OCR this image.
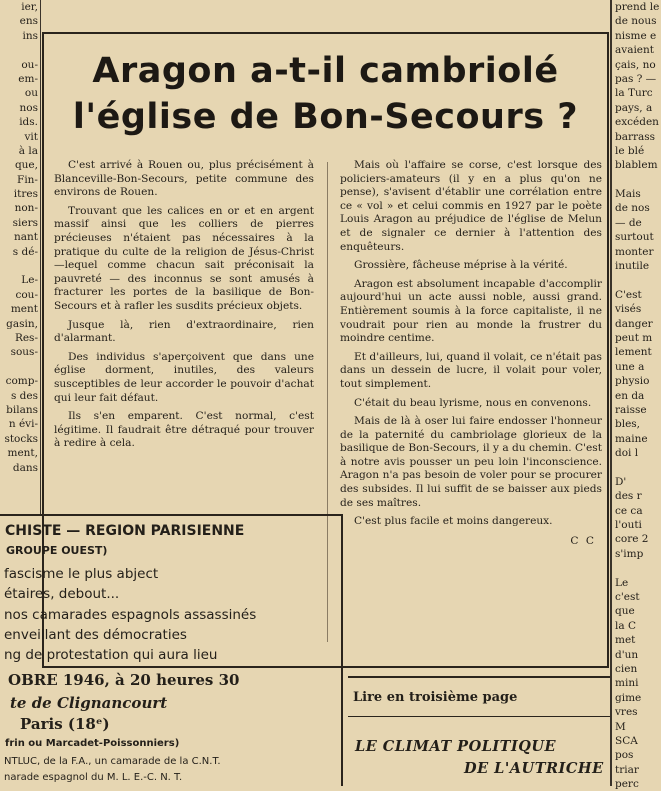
ier,
ens
ins
ou-
em-
ou
nos
ids.
vit
à la
que,
Fin-
itres
non-
siers
nant
s dé-
Le-
cou-
ment
gasin,
Res-
sous-
comp-
s des
bilans
n évi-
stocks
ment,
dans
prend le
de nous
nisme e
avaient
çais, no
pas ? —
la Turc
pays, a
excéden
barrass
le blé
blablem
Mais
de nos
— de
surtout
monter
inutile
C'est
visés
danger
peut m
lement
une a
physio
en da
raisse
bles,
maine
doi l
D'
des r
ce ca
l'outi
core 2
s'imp
Le
c'est
que
la C
met
d'un
cien
mini
gime
vres
M
SCA
pos
triar
perc
Aragon a-t-il cambriolé
l'église de Bon-Secours ?

C'est arrivé à Rouen ou, plus précisément à Blanceville-Bon-Secours, petite commune des environs de Rouen.

Trouvant que les calices en or et en argent massif ainsi que les colliers de pierres précieuses n'étaient pas nécessaires à la pratique du culte de la religion de Jésus-Christ —lequel comme chacun sait préconisait la pauvreté — des inconnus se sont amusés à fracturer les portes de la basilique de Bon-Secours et à rafler les susdits précieux objets.

Jusque là, rien d'extraordinaire, rien d'alarmant.

Des individus s'aperçoivent que dans une église dorment, inutiles, des valeurs susceptibles de leur accorder le pouvoir d'achat qui leur fait défaut.

Ils s'en emparent. C'est normal, c'est légitime. Il faudrait être détraqué pour trouver à redire à cela.

Mais où l'affaire se corse, c'est lorsque des policiers-amateurs (il y en a plus qu'on ne pense), s'avisent d'établir une corrélation entre ce « vol » et celui commis en 1927 par le poète Louis Aragon au préjudice de l'église de Melun et de signaler ce dernier à l'attention des enquêteurs.

Grossière, fâcheuse méprise à la vérité.

Aragon est absolument incapable d'accomplir aujourd'hui un acte aussi noble, aussi grand. Entièrement soumis à la force capitaliste, il ne voudrait pour rien au monde la frustrer du moindre centime.

Et d'ailleurs, lui, quand il volait, ce n'était pas dans un dessein de lucre, il volait pour voler, tout simplement.

C'était du beau lyrisme, nous en convenons.

Mais de là à oser lui faire endosser l'honneur de la paternité du cambriolage glorieux de la basilique de Bon-Secours, il y a du chemin. C'est à notre avis pousser un peu loin l'inconscience. Aragon n'a pas besoin de voler pour se procurer des subsides. Il lui suffit de se baisser aux pieds de ses maîtres.

C'est plus facile et moins dangereux.

C C
CHISTE — REGION PARISIENNE
GROUPE OUEST)
fascisme le plus abject
étaires, debout...
nos camarades espagnols assassinés
enveillant des démocraties
ng de protestation qui aura lieu
OBRE 1946, à 20 heures 30
te de Clignancourt
Paris (18ᵉ)
frin ou Marcadet-Poissonniers)
NTLUC, de la F.A., un camarade de la C.N.T.
narade espagnol du M. L. E.-C. N. T.
Lire en troisième page
LE CLIMAT POLITIQUE
DE L'AUTRICHE
